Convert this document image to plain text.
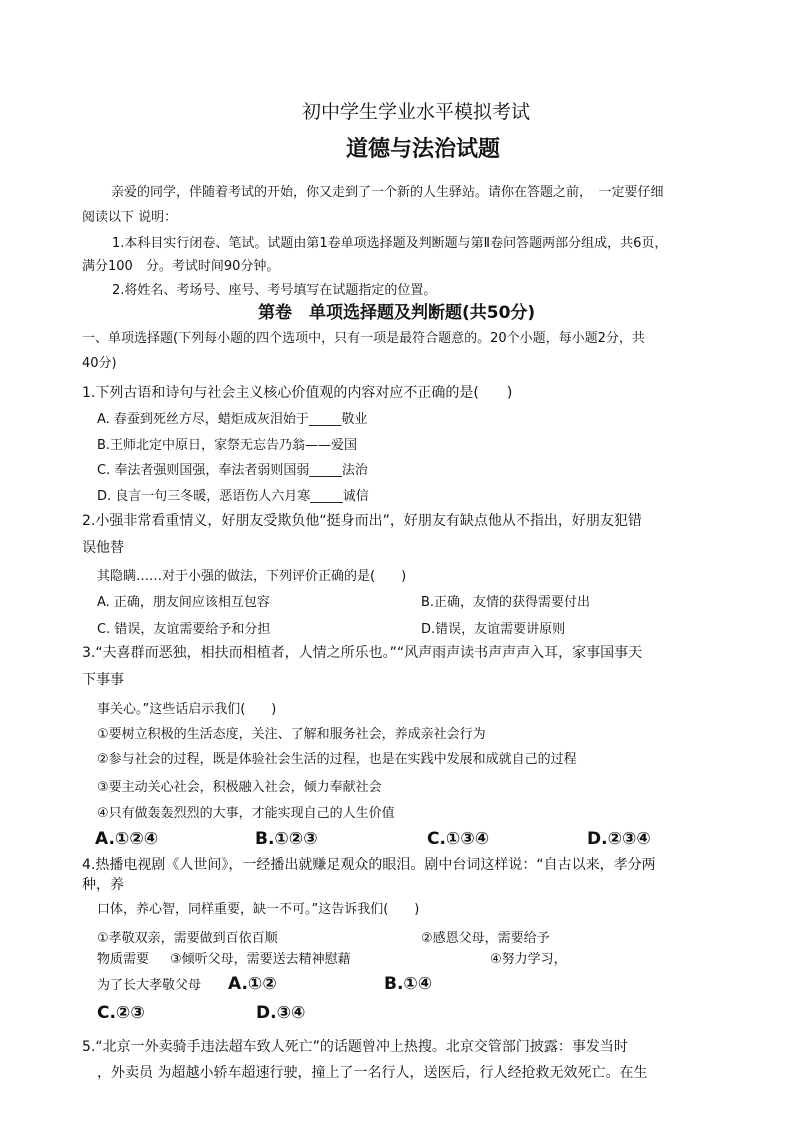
初中学生学业水平模拟考试
道德与法治试题
亲爱的同学，伴随着考试的开始，你又走到了一个新的人生驿站。请你在答题之前，　一定要仔细
阅读以下 说明：
1.本科目实行闭卷、笔试。试题由第1卷单项选择题及判断题与第Ⅱ卷问答题两部分组成，共6页，
满分100　分。考试时间90分钟。
2.将姓名、考场号、座号、考号填写在试题指定的位置。
第卷　单项选择题及判断题(共50分)
一、单项选择题(下列每小题的四个选项中，只有一项是最符合题意的。20个小题，每小题2分，共
40分)
1.下列古语和诗句与社会主义核心价值观的内容对应不正确的是(　　)
A. 春蚕到死丝方尽，蜡炬成灰泪始于_____敬业
B.王师北定中原日，家祭无忘告乃翁——爱国
C. 奉法者强则国强，奉法者弱则国弱_____法治
D. 良言一句三冬暖，恶语伤人六月寒_____诚信
2.小强非常看重情义，好朋友受欺负他“挺身而出”，好朋友有缺点他从不指出，好朋友犯错
误他替
其隐瞒……对于小强的做法，下列评价正确的是(　　)
A. 正确，朋友间应该相互包容	B.正确，友情的获得需要付出
C. 错误，友谊需要给予和分担	D.错误，友谊需要讲原则
3.“夫喜群而恶独，相扶而相植者，人情之所乐也。”“风声雨声读书声声声入耳，家事国事天
下事事
事关心。”这些话启示我们(　　)
①要树立积极的生活态度，关注、了解和服务社会，养成亲社会行为
②参与社会的过程，既是体验社会生活的过程，也是在实践中发展和成就自己的过程
③要主动关心社会，积极融入社会，倾力奉献社会
④只有做轰轰烈烈的大事，才能实现自己的人生价值
A.①②④	B.①②③	C.①③④	D.②③④
4.热播电视剧《人世间》，一经播出就赚足观众的眼泪。剧中台词这样说：“自古以来，孝分两
种，养
口体，养心智，同样重要，缺一不可。”这告诉我们(　　)
①孝敬双亲，需要做到百依百顺	②感恩父母，需要给予
物质需要 ③倾听父母，需要送去精神慰藉	④努力学习，
为了长大孝敬父母 A.①②	B.①④
C.②③	D.③④
5.“北京一外卖骑手违法超车致人死亡”的话题曾冲上热搜。北京交管部门披露：事发当时
，外卖员 为超越小轿车超速行驶，撞上了一名行人，送医后，行人经抢救无效死亡。在生
